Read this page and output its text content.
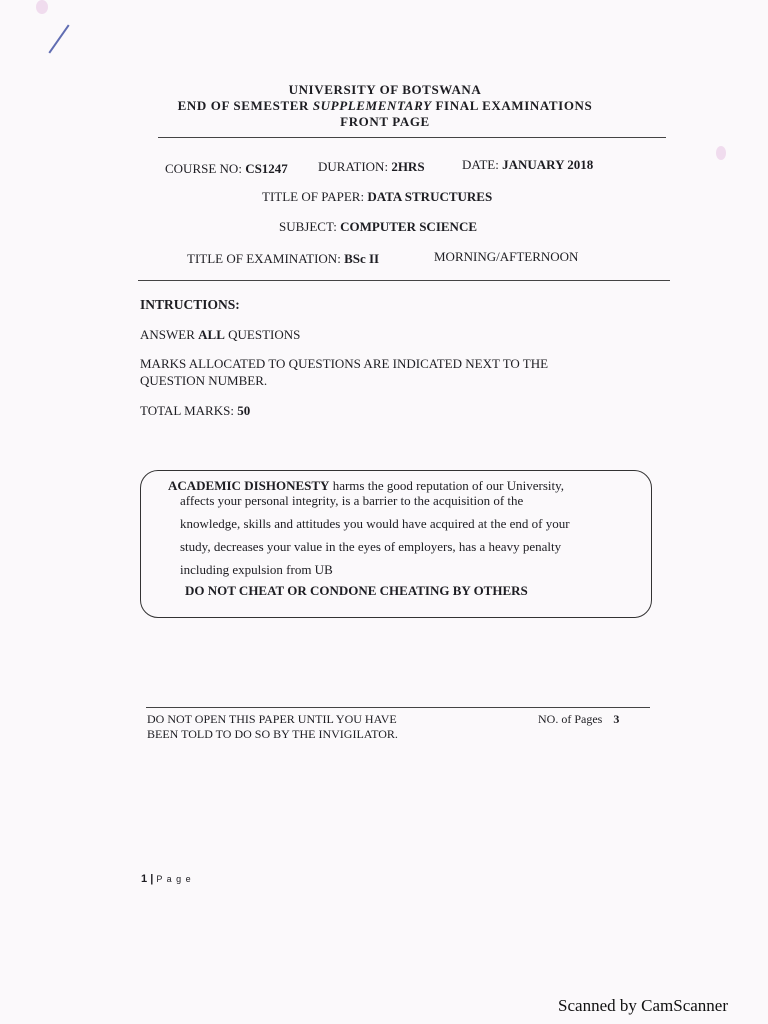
UNIVERSITY OF BOTSWANA
END OF SEMESTER SUPPLEMENTARY FINAL EXAMINATIONS
FRONT PAGE
COURSE NO: CS1247 DURATION: 2HRS	DATE: JANUARY 2018
TITLE OF PAPER: DATA STRUCTURES
SUBJECT: COMPUTER SCIENCE
TITLE OF EXAMINATION: BSc II	MORNING/AFTERNOON
INTRUCTIONS:
ANSWER ALL QUESTIONS
MARKS ALLOCATED TO QUESTIONS ARE INDICATED NEXT TO THE
QUESTION NUMBER.
TOTAL MARKS: 50
ACADEMIC DISHONESTY harms the good reputation of our University,
affects your personal integrity, is a barrier to the acquisition of the
knowledge, skills and attitudes you would have acquired at the end of your
study, decreases your value in the eyes of employers, has a heavy penalty
including expulsion from UB
DO NOT CHEAT OR CONDONE CHEATING BY OTHERS
DO NOT OPEN THIS PAPER UNTIL YOU HAVE
BEEN TOLD TO DO SO BY THE INVIGILATOR.
NO. of Pages 3
1 | P a g e
Scanned by CamScanner
